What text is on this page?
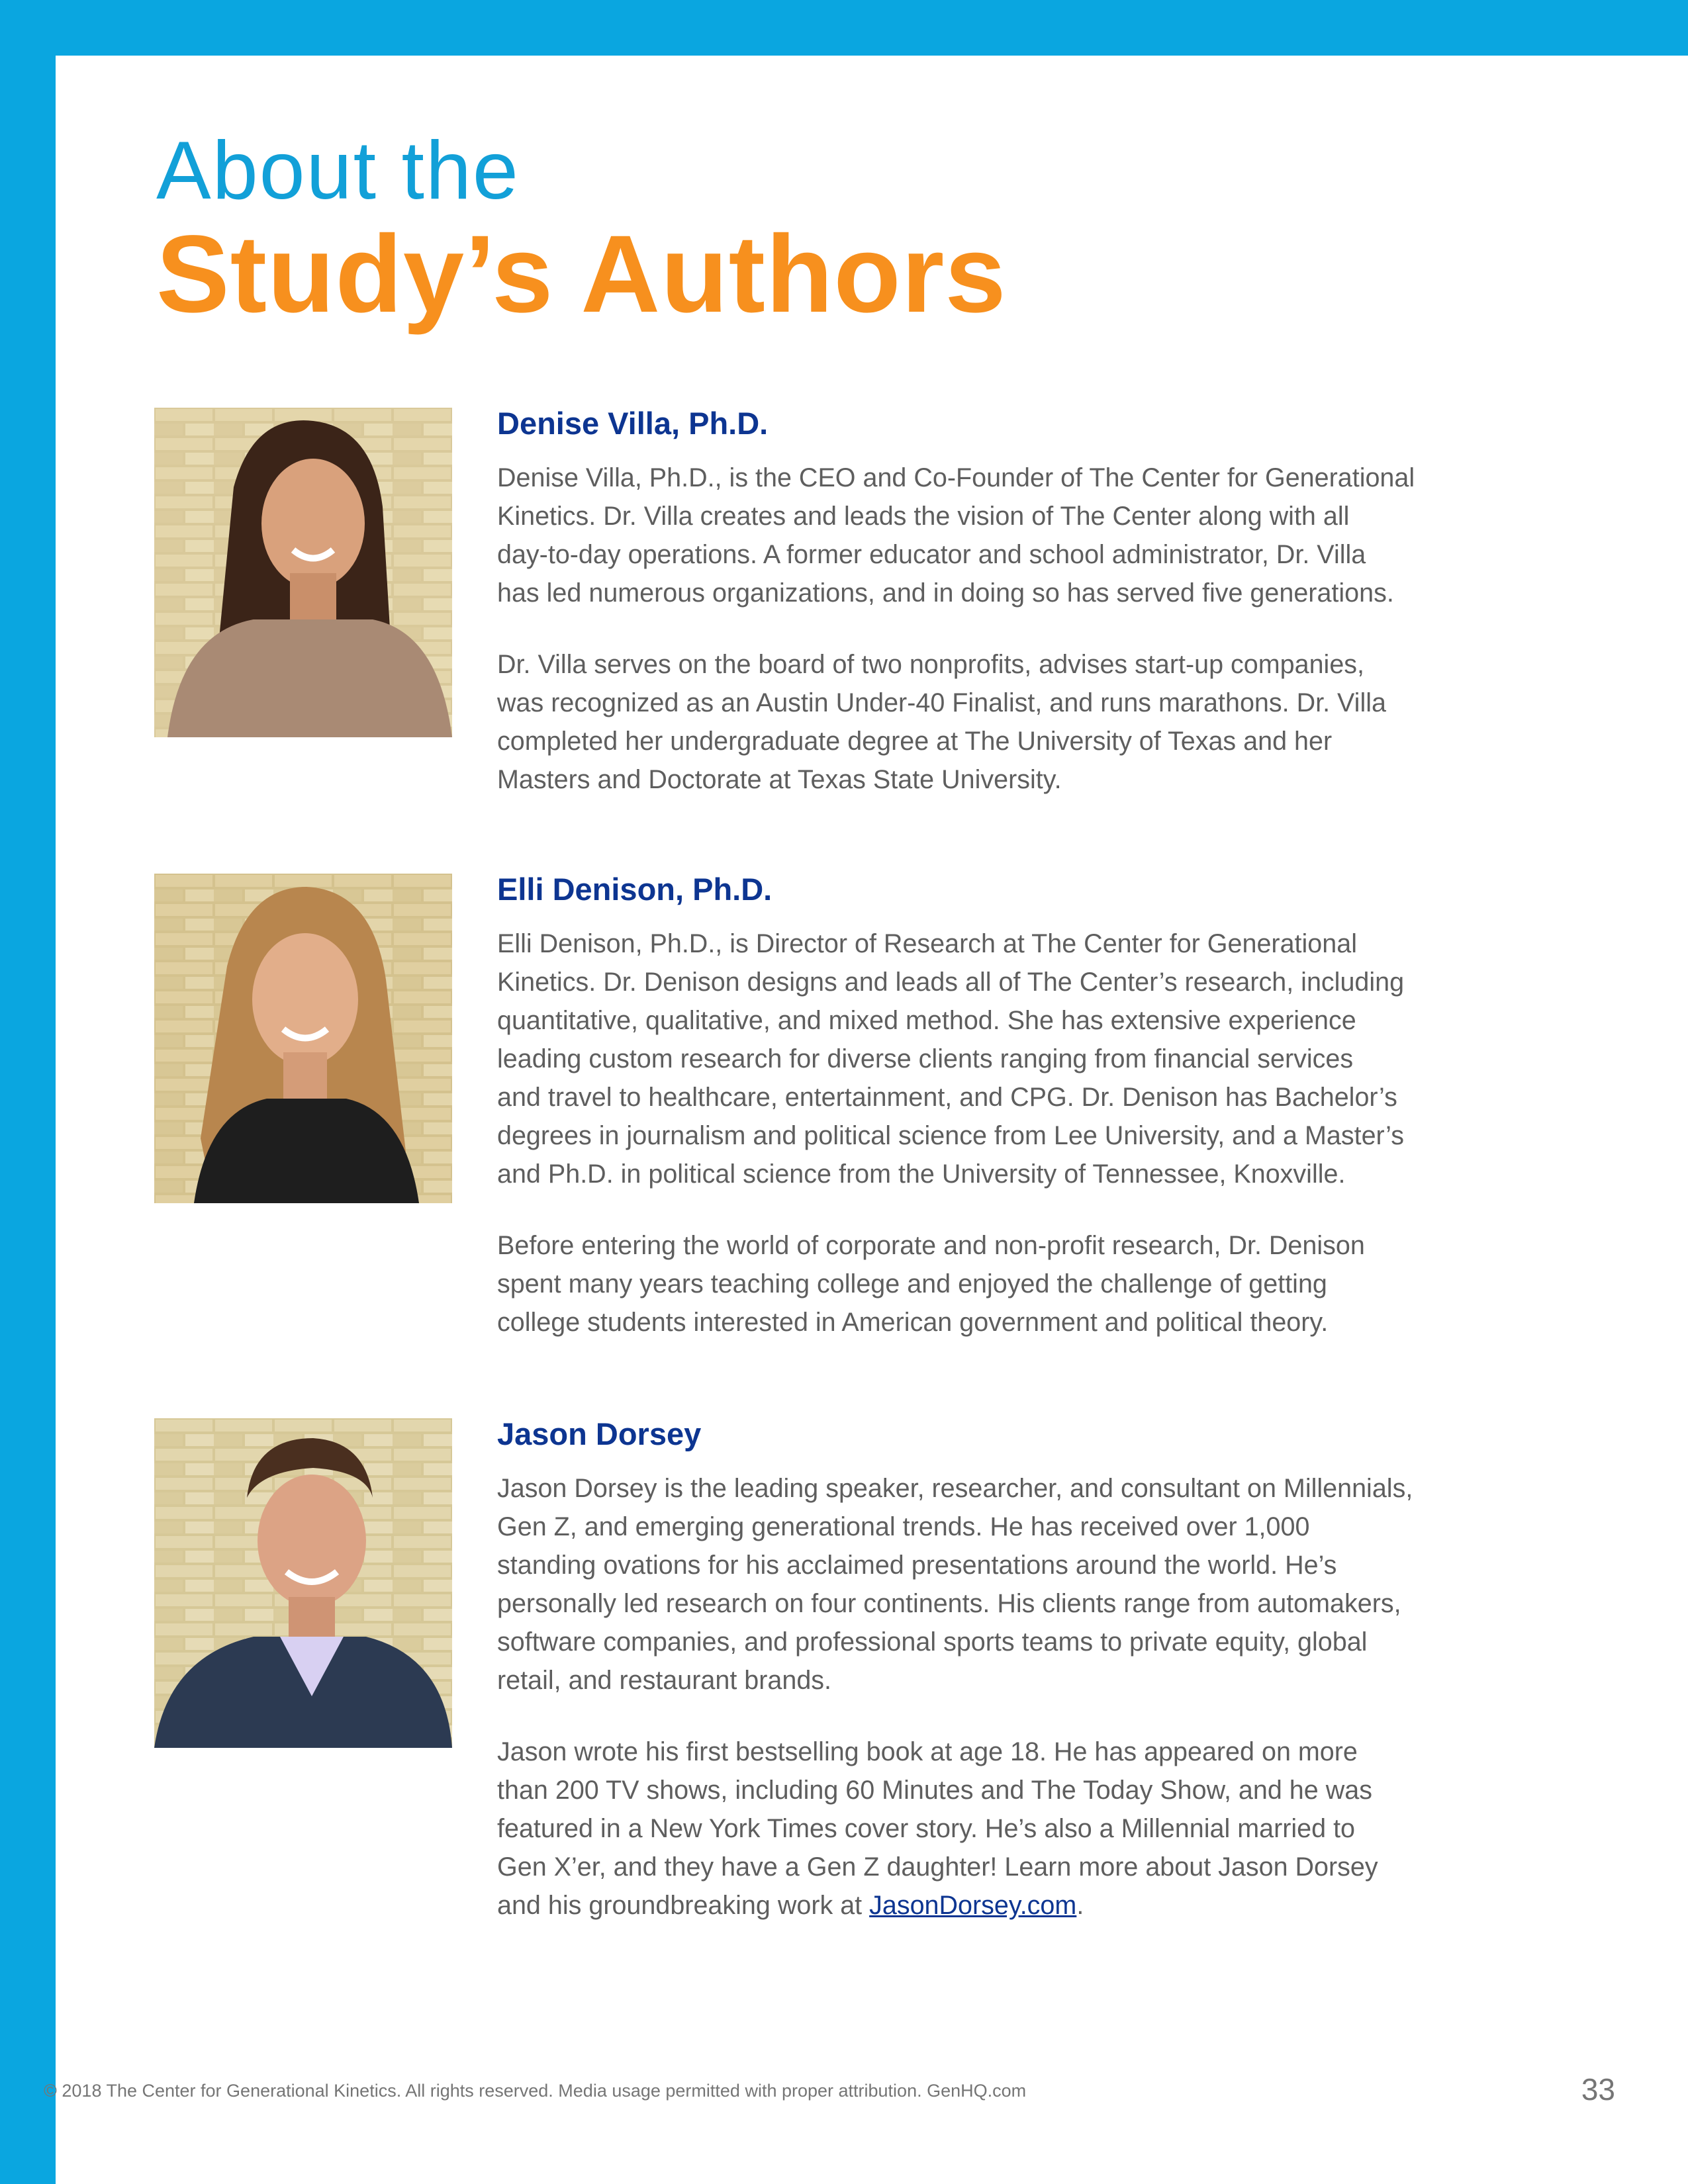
About the
Study’s Authors
Denise Villa, Ph.D.

Denise Villa, Ph.D., is the CEO and Co-Founder of The Center for Generational
Kinetics. Dr. Villa creates and leads the vision of The Center along with all
day-to-day operations. A former educator and school administrator, Dr. Villa
has led numerous organizations, and in doing so has served five generations.

Dr. Villa serves on the board of two nonprofits, advises start-up companies,
was recognized as an Austin Under-40 Finalist, and runs marathons. Dr. Villa
completed her undergraduate degree at The University of Texas and her
Masters and Doctorate at Texas State University.

Elli Denison, Ph.D.

Elli Denison, Ph.D., is Director of Research at The Center for Generational
Kinetics. Dr. Denison designs and leads all of The Center’s research, including
quantitative, qualitative, and mixed method. She has extensive experience
leading custom research for diverse clients ranging from financial services
and travel to healthcare, entertainment, and CPG. Dr. Denison has Bachelor’s
degrees in journalism and political science from Lee University, and a Master’s
and Ph.D. in political science from the University of Tennessee, Knoxville.

Before entering the world of corporate and non-profit research, Dr. Denison
spent many years teaching college and enjoyed the challenge of getting
college students interested in American government and political theory.

Jason Dorsey

Jason Dorsey is the leading speaker, researcher, and consultant on Millennials,
Gen Z, and emerging generational trends. He has received over 1,000
standing ovations for his acclaimed presentations around the world. He’s
personally led research on four continents. His clients range from automakers,
software companies, and professional sports teams to private equity, global
retail, and restaurant brands.

Jason wrote his first bestselling book at age 18. He has appeared on more
than 200 TV shows, including 60 Minutes and The Today Show, and he was
featured in a New York Times cover story. He’s also a Millennial married to
Gen X’er, and they have a Gen Z daughter! Learn more about Jason Dorsey
and his groundbreaking work at JasonDorsey.com.

© 2018 The Center for Generational Kinetics. All rights reserved. Media usage permitted with proper attribution. GenHQ.com	33
